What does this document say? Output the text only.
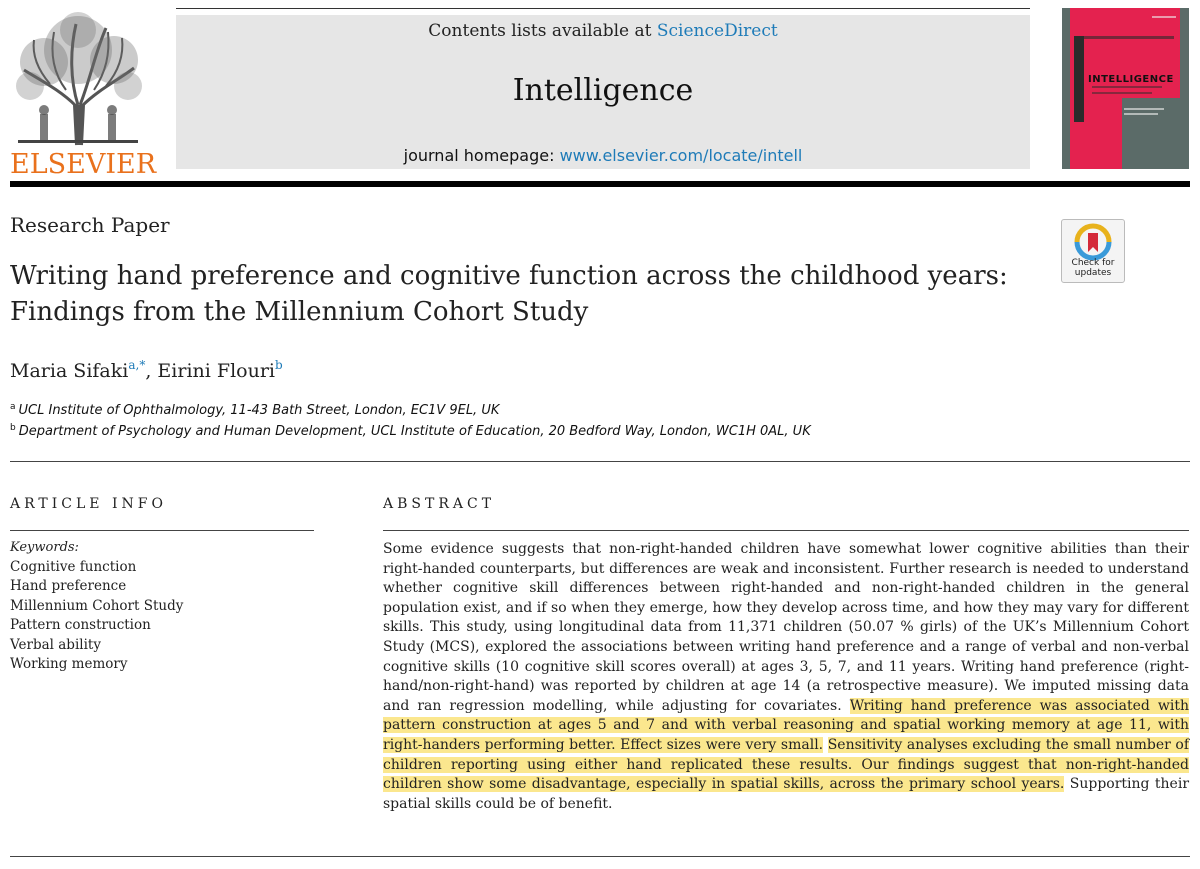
ELSEVIER
Contents lists available at ScienceDirect
Intelligence
journal homepage: www.elsevier.com/locate/intell
INTELLIGENCE
Research Paper
Writing hand preference and cognitive function across the childhood years:
Findings from the Millennium Cohort Study
Check for updates
Maria Sifaki$^{a,*}$, Eirini Flouri$^b$
$^a$ UCL Institute of Ophthalmology, 11-43 Bath Street, London, EC1V 9EL, UK
$^b$ Department of Psychology and Human Development, UCL Institute of Education, 20 Bedford Way, London, WC1H 0AL, UK
ARTICLE INFO
Keywords:
Cognitive function
Hand preference
Millennium Cohort Study
Pattern construction
Verbal ability
Working memory
ABSTRACT
Some evidence suggests that non-right-handed children have somewhat lower cognitive abilities than their right-handed counterparts, but differences are weak and inconsistent. Further research is needed to understand whether cognitive skill differences between right-handed and non-right-handed children in the general population exist, and if so when they emerge, how they develop across time, and how they may vary for different skills. This study, using longitudinal data from 11,371 children (50.07 % girls) of the UK’s Millennium Cohort Study (MCS), explored the associations between writing hand preference and a range of verbal and non-verbal cognitive skills (10 cognitive skill scores overall) at ages 3, 5, 7, and 11 years. Writing hand preference (right-hand/non-right-hand) was reported by children at age 14 (a retrospective measure). We imputed missing data and ran regression modelling, while adjusting for covariates. Writing hand preference was associated with pattern construction at ages 5 and 7 and with verbal reasoning and spatial working memory at age 11, with right-handers performing better. Effect sizes were very small. Sensitivity analyses excluding the small number of children reporting using either hand replicated these results. Our findings suggest that non-right-handed children show some disadvantage, especially in spatial skills, across the primary school years. Supporting their spatial skills could be of benefit.
